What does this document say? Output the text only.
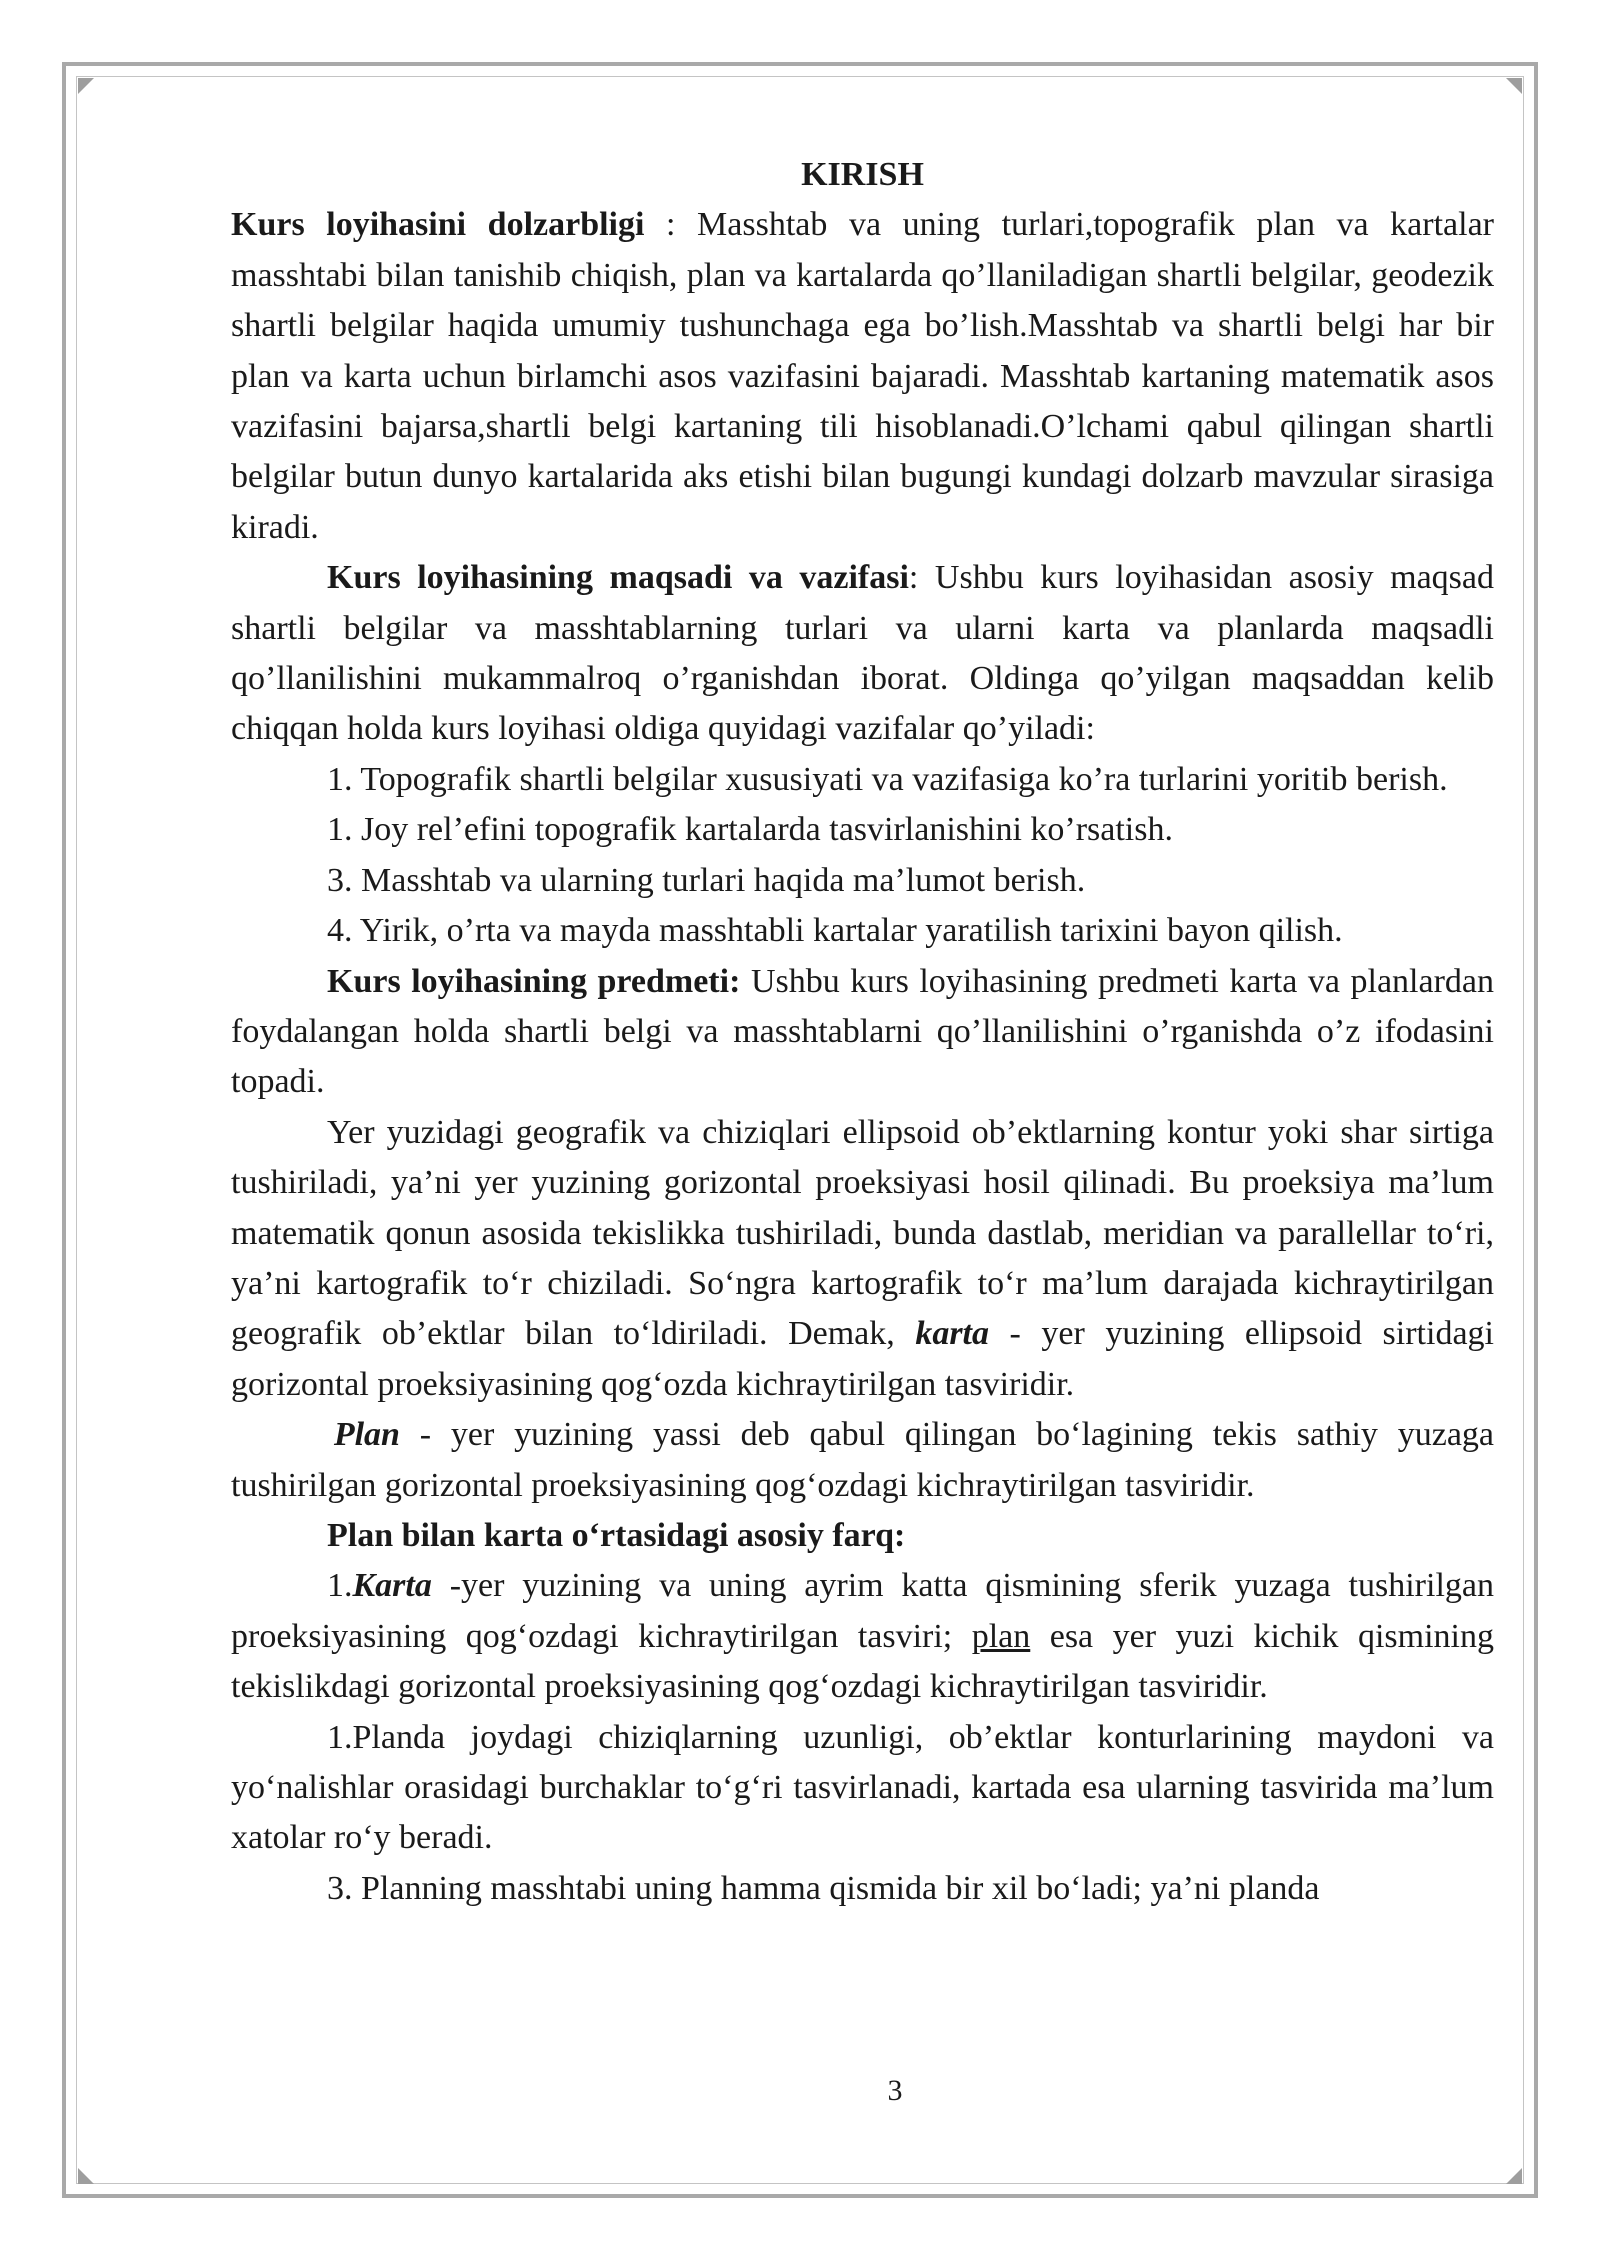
KIRISH

Kurs loyihasini dolzarbligi : Masshtab va uning turlari,topografik plan va kartalar masshtabi bilan tanishib chiqish, plan va kartalarda qo’llaniladigan shartli belgilar, geodezik shartli belgilar haqida umumiy tushunchaga ega bo’lish.Masshtab va shartli belgi har bir plan va karta uchun birlamchi asos vazifasini bajaradi. Masshtab kartaning matematik asos vazifasini bajarsa,shartli belgi kartaning tili hisoblanadi.O’lchami qabul qilingan shartli belgilar butun dunyo kartalarida aks etishi bilan bugungi kundagi dolzarb mavzular sirasiga kiradi.

Kurs loyihasining maqsadi va vazifasi: Ushbu kurs loyihasidan asosiy maqsad shartli belgilar va masshtablarning turlari va ularni karta va planlarda maqsadli qo’llanilishini mukammalroq o’rganishdan iborat. Oldinga qo’yilgan maqsaddan kelib chiqqan holda kurs loyihasi oldiga quyidagi vazifalar qo’yiladi:

1. Topografik shartli belgilar xususiyati va vazifasiga ko’ra turlarini yoritib berish.

1. Joy rel’efini topografik kartalarda tasvirlanishini ko’rsatish.

3. Masshtab va ularning turlari haqida ma’lumot berish.

4. Yirik, o’rta va mayda masshtabli kartalar yaratilish tarixini bayon qilish.

Kurs loyihasining predmeti: Ushbu kurs loyihasining predmeti karta va planlardan foydalangan holda shartli belgi va masshtablarni qo’llanilishini o’rganishda o’z ifodasini topadi.

Yer yuzidagi geografik va chiziqlari ellipsoid ob’ektlarning kontur yoki shar sirtiga tushiriladi, ya’ni yer yuzining gorizontal proeksiyasi hosil qilinadi. Bu proeksiya ma’lum matematik qonun asosida tekislikka tushiriladi, bunda dastlab, meridian va parallellar to‘ri, ya’ni kartografik to‘r chiziladi. So‘ngra kartografik to‘r ma’lum darajada kichraytirilgan geografik ob’ektlar bilan to‘ldiriladi. Demak, karta - yer yuzining ellipsoid sirtidagi gorizontal proeksiyasining qog‘ozda kichraytirilgan tasviridir.

 Plan - yer yuzining yassi deb qabul qilingan bo‘lagining tekis sathiy yuzaga tushirilgan gorizontal proeksiyasining qog‘ozdagi kichraytirilgan tasviridir.

Plan bilan karta o‘rtasidagi asosiy farq:

1.Karta -yer yuzining va uning ayrim katta qismining sferik yuzaga tushirilgan proeksiyasining qog‘ozdagi kichraytirilgan tasviri; plan esa yer yuzi kichik qismining tekislikdagi gorizontal proeksiyasining qog‘ozdagi kichraytirilgan tasviridir.

1.Planda joydagi chiziqlarning uzunligi, ob’ektlar konturlarining maydoni va yo‘nalishlar orasidagi burchaklar to‘g‘ri tasvirlanadi, kartada esa ularning tasvirida ma’lum xatolar ro‘y beradi.

3. Planning masshtabi uning hamma qismida bir xil bo‘ladi; ya’ni planda

3
